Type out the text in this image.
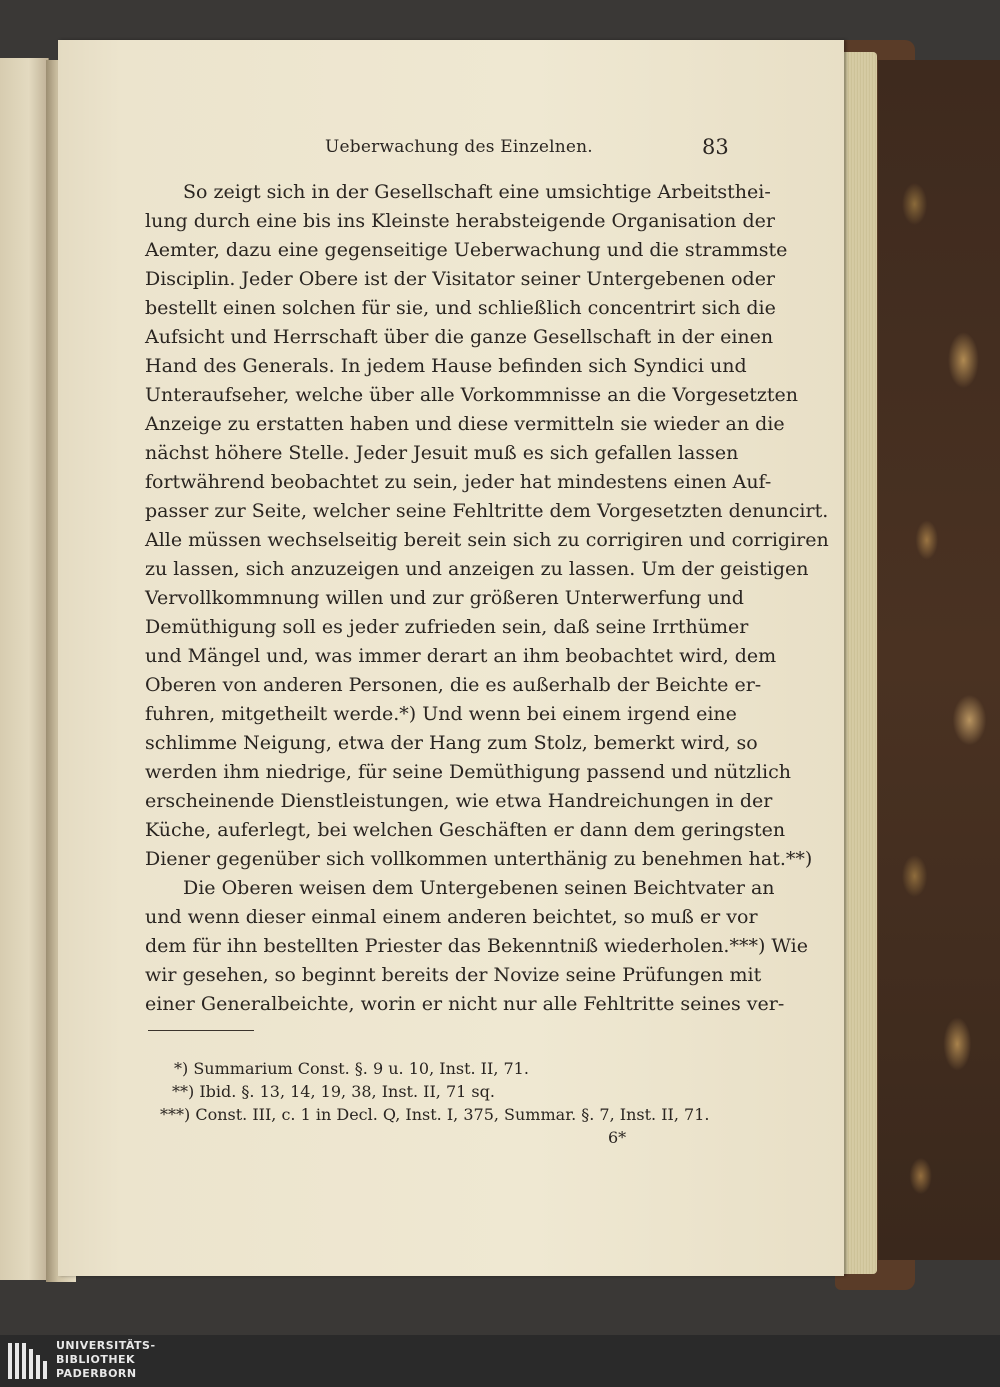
Ueberwachung des Einzelnen.	83
So zeigt sich in der Gesellschaft eine umsichtige Arbeitsthei-
lung durch eine bis ins Kleinste herabsteigende Organisation der
Aemter, dazu eine gegenseitige Ueberwachung und die strammste
Disciplin. Jeder Obere ist der Visitator seiner Untergebenen oder
bestellt einen solchen für sie, und schließlich concentrirt sich die
Aufsicht und Herrschaft über die ganze Gesellschaft in der einen
Hand des Generals. In jedem Hause befinden sich Syndici und
Unteraufseher, welche über alle Vorkommnisse an die Vorgesetzten
Anzeige zu erstatten haben und diese vermitteln sie wieder an die
nächst höhere Stelle. Jeder Jesuit muß es sich gefallen lassen
fortwährend beobachtet zu sein, jeder hat mindestens einen Auf-
passer zur Seite, welcher seine Fehltritte dem Vorgesetzten denuncirt.
Alle müssen wechselseitig bereit sein sich zu corrigiren und corrigiren
zu lassen, sich anzuzeigen und anzeigen zu lassen. Um der geistigen
Vervollkommnung willen und zur größeren Unterwerfung und
Demüthigung soll es jeder zufrieden sein, daß seine Irrthümer
und Mängel und, was immer derart an ihm beobachtet wird, dem
Oberen von anderen Personen, die es außerhalb der Beichte er-
fuhren, mitgetheilt werde.*) Und wenn bei einem irgend eine
schlimme Neigung, etwa der Hang zum Stolz, bemerkt wird, so
werden ihm niedrige, für seine Demüthigung passend und nützlich
erscheinende Dienstleistungen, wie etwa Handreichungen in der
Küche, auferlegt, bei welchen Geschäften er dann dem geringsten
Diener gegenüber sich vollkommen unterthänig zu benehmen hat.**)
Die Oberen weisen dem Untergebenen seinen Beichtvater an
und wenn dieser einmal einem anderen beichtet, so muß er vor
dem für ihn bestellten Priester das Bekenntniß wiederholen.***) Wie
wir gesehen, so beginnt bereits der Novize seine Prüfungen mit
einer Generalbeichte, worin er nicht nur alle Fehltritte seines ver-
*) Summarium Const. §. 9 u. 10, Inst. II, 71.
**) Ibid. §. 13, 14, 19, 38, Inst. II, 71 sq.
***) Const. III, c. 1 in Decl. Q, Inst. I, 375, Summar. §. 7, Inst. II, 71.
6*
UNIVERSITÄTS-
BIBLIOTHEK
PADERBORN
